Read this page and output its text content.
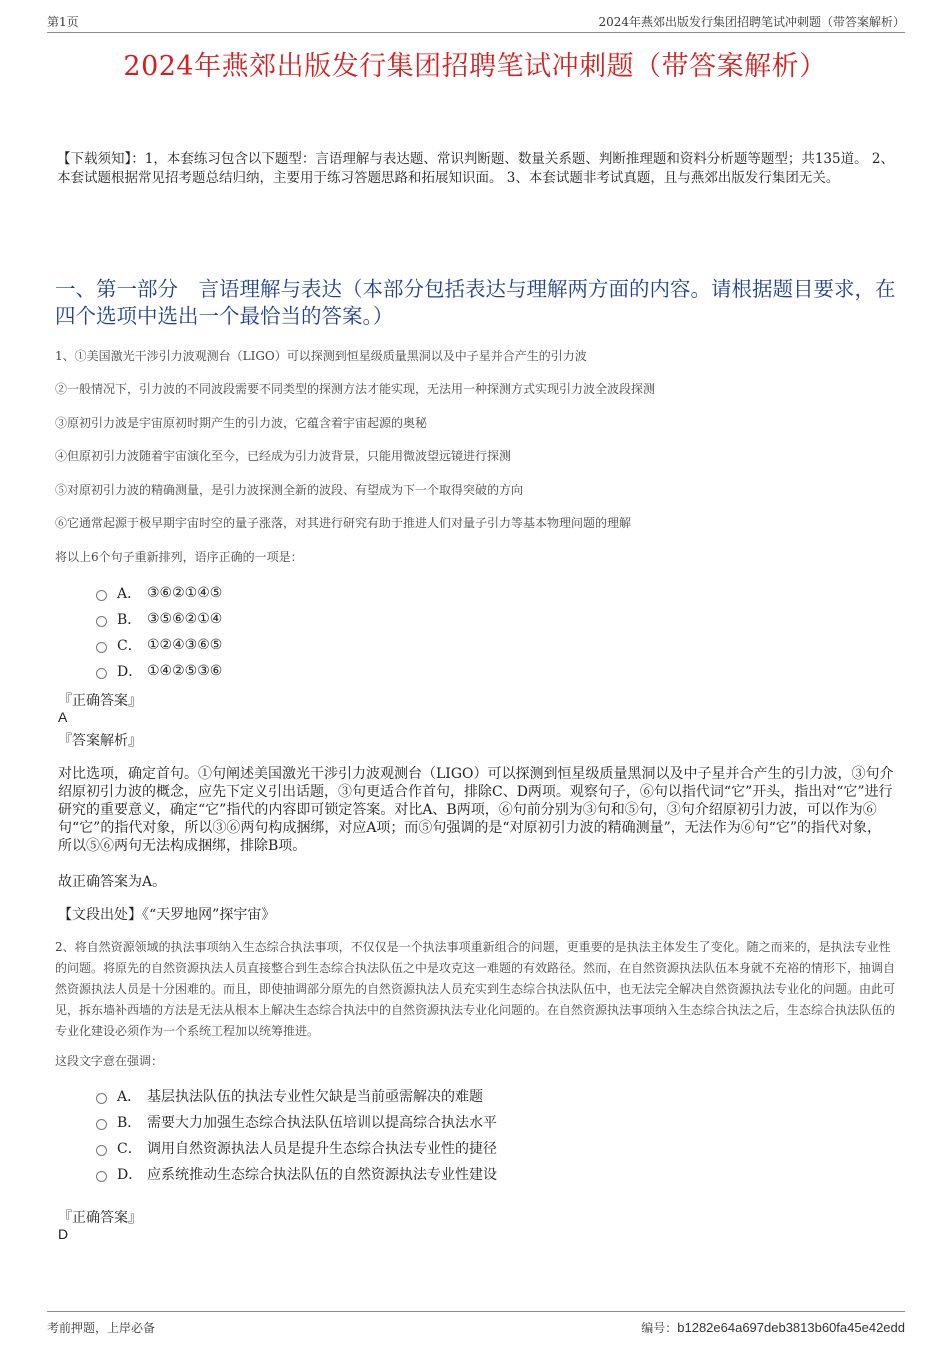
第1页	2024年燕郊出版发行集团招聘笔试冲刺题（带答案解析）
2024年燕郊出版发行集团招聘笔试冲刺题（带答案解析）
【下载须知】：1，本套练习包含以下题型：言语理解与表达题、常识判断题、数量关系题、判断推理题和资料分析题等题型；共135道。 2、本套试题根据常见招考题总结归纳，主要用于练习答题思路和拓展知识面。 3、本套试题非考试真题，且与燕郊出版发行集团无关。
一、第一部分　言语理解与表达（本部分包括表达与理解两方面的内容。请根据题目要求，在四个选项中选出一个最恰当的答案。）
1、①美国激光干涉引力波观测台（LIGO）可以探测到恒星级质量黑洞以及中子星并合产生的引力波
②一般情况下，引力波的不同波段需要不同类型的探测方法才能实现，无法用一种探测方式实现引力波全波段探测
③原初引力波是宇宙原初时期产生的引力波，它蕴含着宇宙起源的奥秘
④但原初引力波随着宇宙演化至今，已经成为引力波背景，只能用微波望远镜进行探测
⑤对原初引力波的精确测量，是引力波探测全新的波段、有望成为下一个取得突破的方向
⑥它通常起源于极早期宇宙时空的量子涨落，对其进行研究有助于推进人们对量子引力等基本物理问题的理解
将以上6个句子重新排列，语序正确的一项是：
A． ③⑥②①④⑤
B． ③⑤⑥②①④
C． ①②④③⑥⑤
D． ①④②⑤③⑥
『正确答案』
A
『答案解析』
对比选项，确定首句。①句阐述美国激光干涉引力波观测台（LIGO）可以探测到恒星级质量黑洞以及中子星并合产生的引力波，③句介绍原初引力波的概念，应先下定义引出话题，③句更适合作首句，排除C、D两项。观察句子，⑥句以指代词“它”开头，指出对“它”进行研究的重要意义，确定“它”指代的内容即可锁定答案。对比A、B两项，⑥句前分别为③句和⑤句，③句介绍原初引力波，可以作为⑥句“它”的指代对象，所以③⑥两句构成捆绑，对应A项；而⑤句强调的是“对原初引力波的精确测量”，无法作为⑥句“它”的指代对象，所以⑤⑥两句无法构成捆绑，排除B项。
故正确答案为A。
【文段出处】《“天罗地网”探宇宙》
2、将自然资源领域的执法事项纳入生态综合执法事项，不仅仅是一个执法事项重新组合的问题，更重要的是执法主体发生了变化。随之而来的，是执法专业性的问题。将原先的自然资源执法人员直接整合到生态综合执法队伍之中是攻克这一难题的有效路径。然而，在自然资源执法队伍本身就不充裕的情形下，抽调自然资源执法人员是十分困难的。而且，即使抽调部分原先的自然资源执法人员充实到生态综合执法队伍中，也无法完全解决自然资源执法专业化的问题。由此可见，拆东墙补西墙的方法是无法从根本上解决生态综合执法中的自然资源执法专业化问题的。在自然资源执法事项纳入生态综合执法之后，生态综合执法队伍的专业化建设必须作为一个系统工程加以统筹推进。
这段文字意在强调：
A． 基层执法队伍的执法专业性欠缺是当前亟需解决的难题
B． 需要大力加强生态综合执法队伍培训以提高综合执法水平
C． 调用自然资源执法人员是提升生态综合执法专业性的捷径
D． 应系统推动生态综合执法队伍的自然资源执法专业性建设
『正确答案』
D
考前押题，上岸必备	编号：b1282e64a697deb3813b60fa45e42edd
